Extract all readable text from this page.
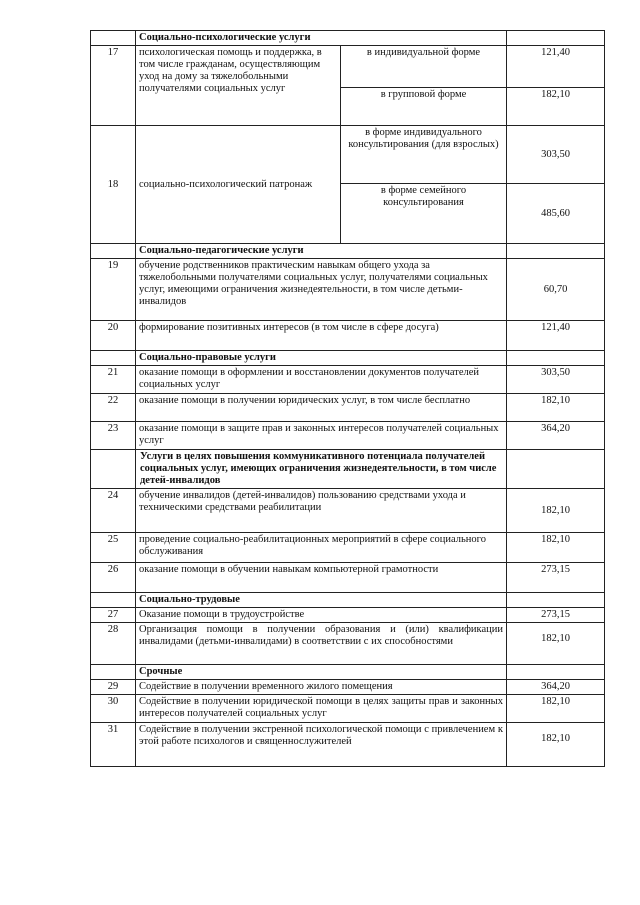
	Социально-психологические услуги		
17	психологическая помощь и поддержка, в том числе гражданам, осуществляющим уход на дому за тяжелобольными получателями социальных услуг	в индивидуальной форме	121,40
		в групповой форме	182,10
18	социально-психологический патронаж	в форме индивидуального консультирования (для взрослых)	303,50
		в форме семейного консультирования	485,60
	Социально-педагогические услуги		
19	обучение родственников практическим навыкам общего ухода за тяжелобольными получателями социальных услуг, получателями социальных услуг, имеющими ограничения жизнедеятельности, в том числе детьми-инвалидов		60,70
20	формирование позитивных интересов (в том числе в сфере досуга)		121,40
	Социально-правовые услуги		
21	оказание помощи в оформлении и восстановлении документов получателей социальных услуг		303,50
22	оказание помощи в получении юридических услуг, в том числе бесплатно		182,10
23	оказание помощи в защите прав и законных интересов получателей социальных услуг		364,20
	Услуги в целях повышения коммуникативного потенциала получателей социальных услуг, имеющих ограничения жизнедеятельности, в том числе детей-инвалидов		
24	обучение инвалидов (детей-инвалидов) пользованию средствами ухода и техническими средствами реабилитации		182,10
25	проведение социально-реабилитационных мероприятий в сфере социального обслуживания		182,10
26	оказание помощи в обучении навыкам компьютерной грамотности		273,15
	Социально-трудовые		
27	Оказание помощи в трудоустройстве		273,15
28	Организация помощи в получении образования и (или) квалификации инвалидами (детьми-инвалидами) в соответствии с их способностями		182,10
	Срочные		
29	Содействие в получении временного жилого помещения		364,20
30	Содействие в получении юридической помощи в целях защиты прав и законных интересов получателей социальных услуг		182,10
31	Содействие в получении экстренной психологической помощи с привлечением к этой работе психологов и священнослужителей		182,10
